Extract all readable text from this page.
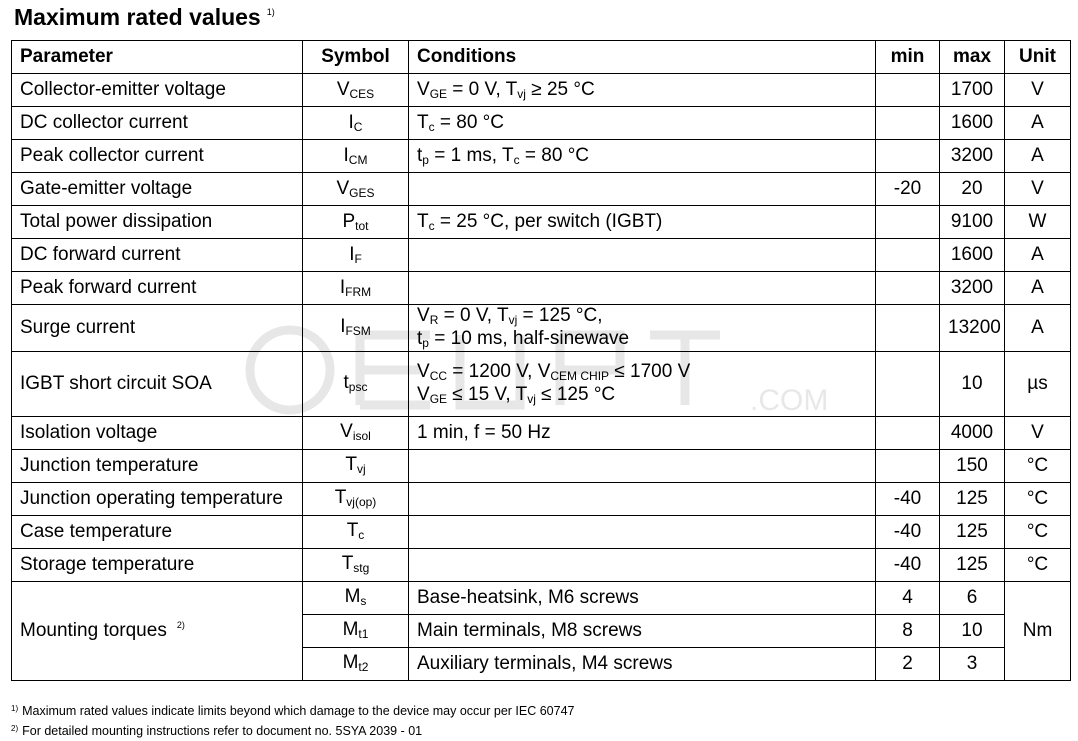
Maximum rated values $^{1)}$
.COM
Parameter	Symbol	Conditions	min	max	Unit
Collector-emitter voltage	$V_{CES}$	$V_{GE} = 0$ V, $T_{vj} \ge 25$ °C		1700	V
DC collector current	$I_C$	$T_c = 80$ °C		1600	A
Peak collector current	$I_{CM}$	$t_p = 1$ ms, $T_c = 80$ °C		3200	A
Gate-emitter voltage	$V_{GES}$		-20	20	V
Total power dissipation	$P_{tot}$	$T_c = 25$ °C, per switch (IGBT)		9100	W
DC forward current	$I_F$			1600	A
Peak forward current	$I_{FRM}$			3200	A
Surge current	$I_{FSM}$	$V_R = 0$ V, $T_{vj} = 125$ °C,
$t_p = 10$ ms, half-sinewave		13200	A
IGBT short circuit SOA	$t_{psc}$	$V_{CC} = 1200$ V, $V_{CEM CHIP} \le 1700$ V
$V_{GE} \le 15$ V, $T_{vj} \le 125$ °C		10	µs
Isolation voltage	$V_{isol}$	1 min, f = 50 Hz		4000	V
Junction temperature	$T_{vj}$			150	°C
Junction operating temperature	$T_{vj(op)}$		-40	125	°C
Case temperature	$T_c$		-40	125	°C
Storage temperature	$T_{stg}$		-40	125	°C
Mounting torques $^{2)}$	$M_s$	Base-heatsink, M6 screws	4	6	Nm
	$M_{t1}$	Main terminals, M8 screws	8	10	
	$M_{t2}$	Auxiliary terminals, M4 screws	2	3	
$^{1)}$ Maximum rated values indicate limits beyond which damage to the device may occur per IEC 60747
$^{2)}$ For detailed mounting instructions refer to document no. 5SYA 2039 - 01
